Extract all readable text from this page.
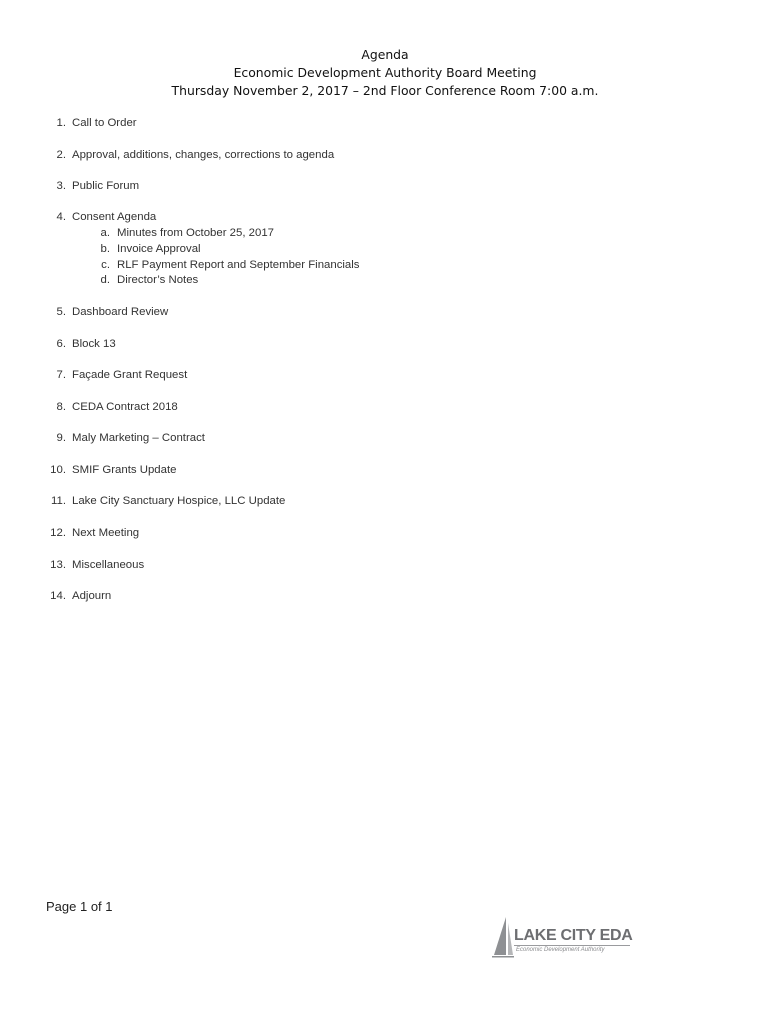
Agenda
Economic Development Authority Board Meeting
Thursday November 2, 2017 – 2nd Floor Conference Room 7:00 a.m.
1. Call to Order
2. Approval, additions, changes, corrections to agenda
3. Public Forum
4. Consent Agenda
a. Minutes from October 25, 2017
b. Invoice Approval
c. RLF Payment Report and September Financials
d. Director’s Notes
5. Dashboard Review
6. Block 13
7. Façade Grant Request
8. CEDA Contract 2018
9. Maly Marketing – Contract
10. SMIF Grants Update
11. Lake City Sanctuary Hospice, LLC Update
12. Next Meeting
13. Miscellaneous
14. Adjourn
Page 1 of 1
LAKE CITY EDA
Economic Development Authority
